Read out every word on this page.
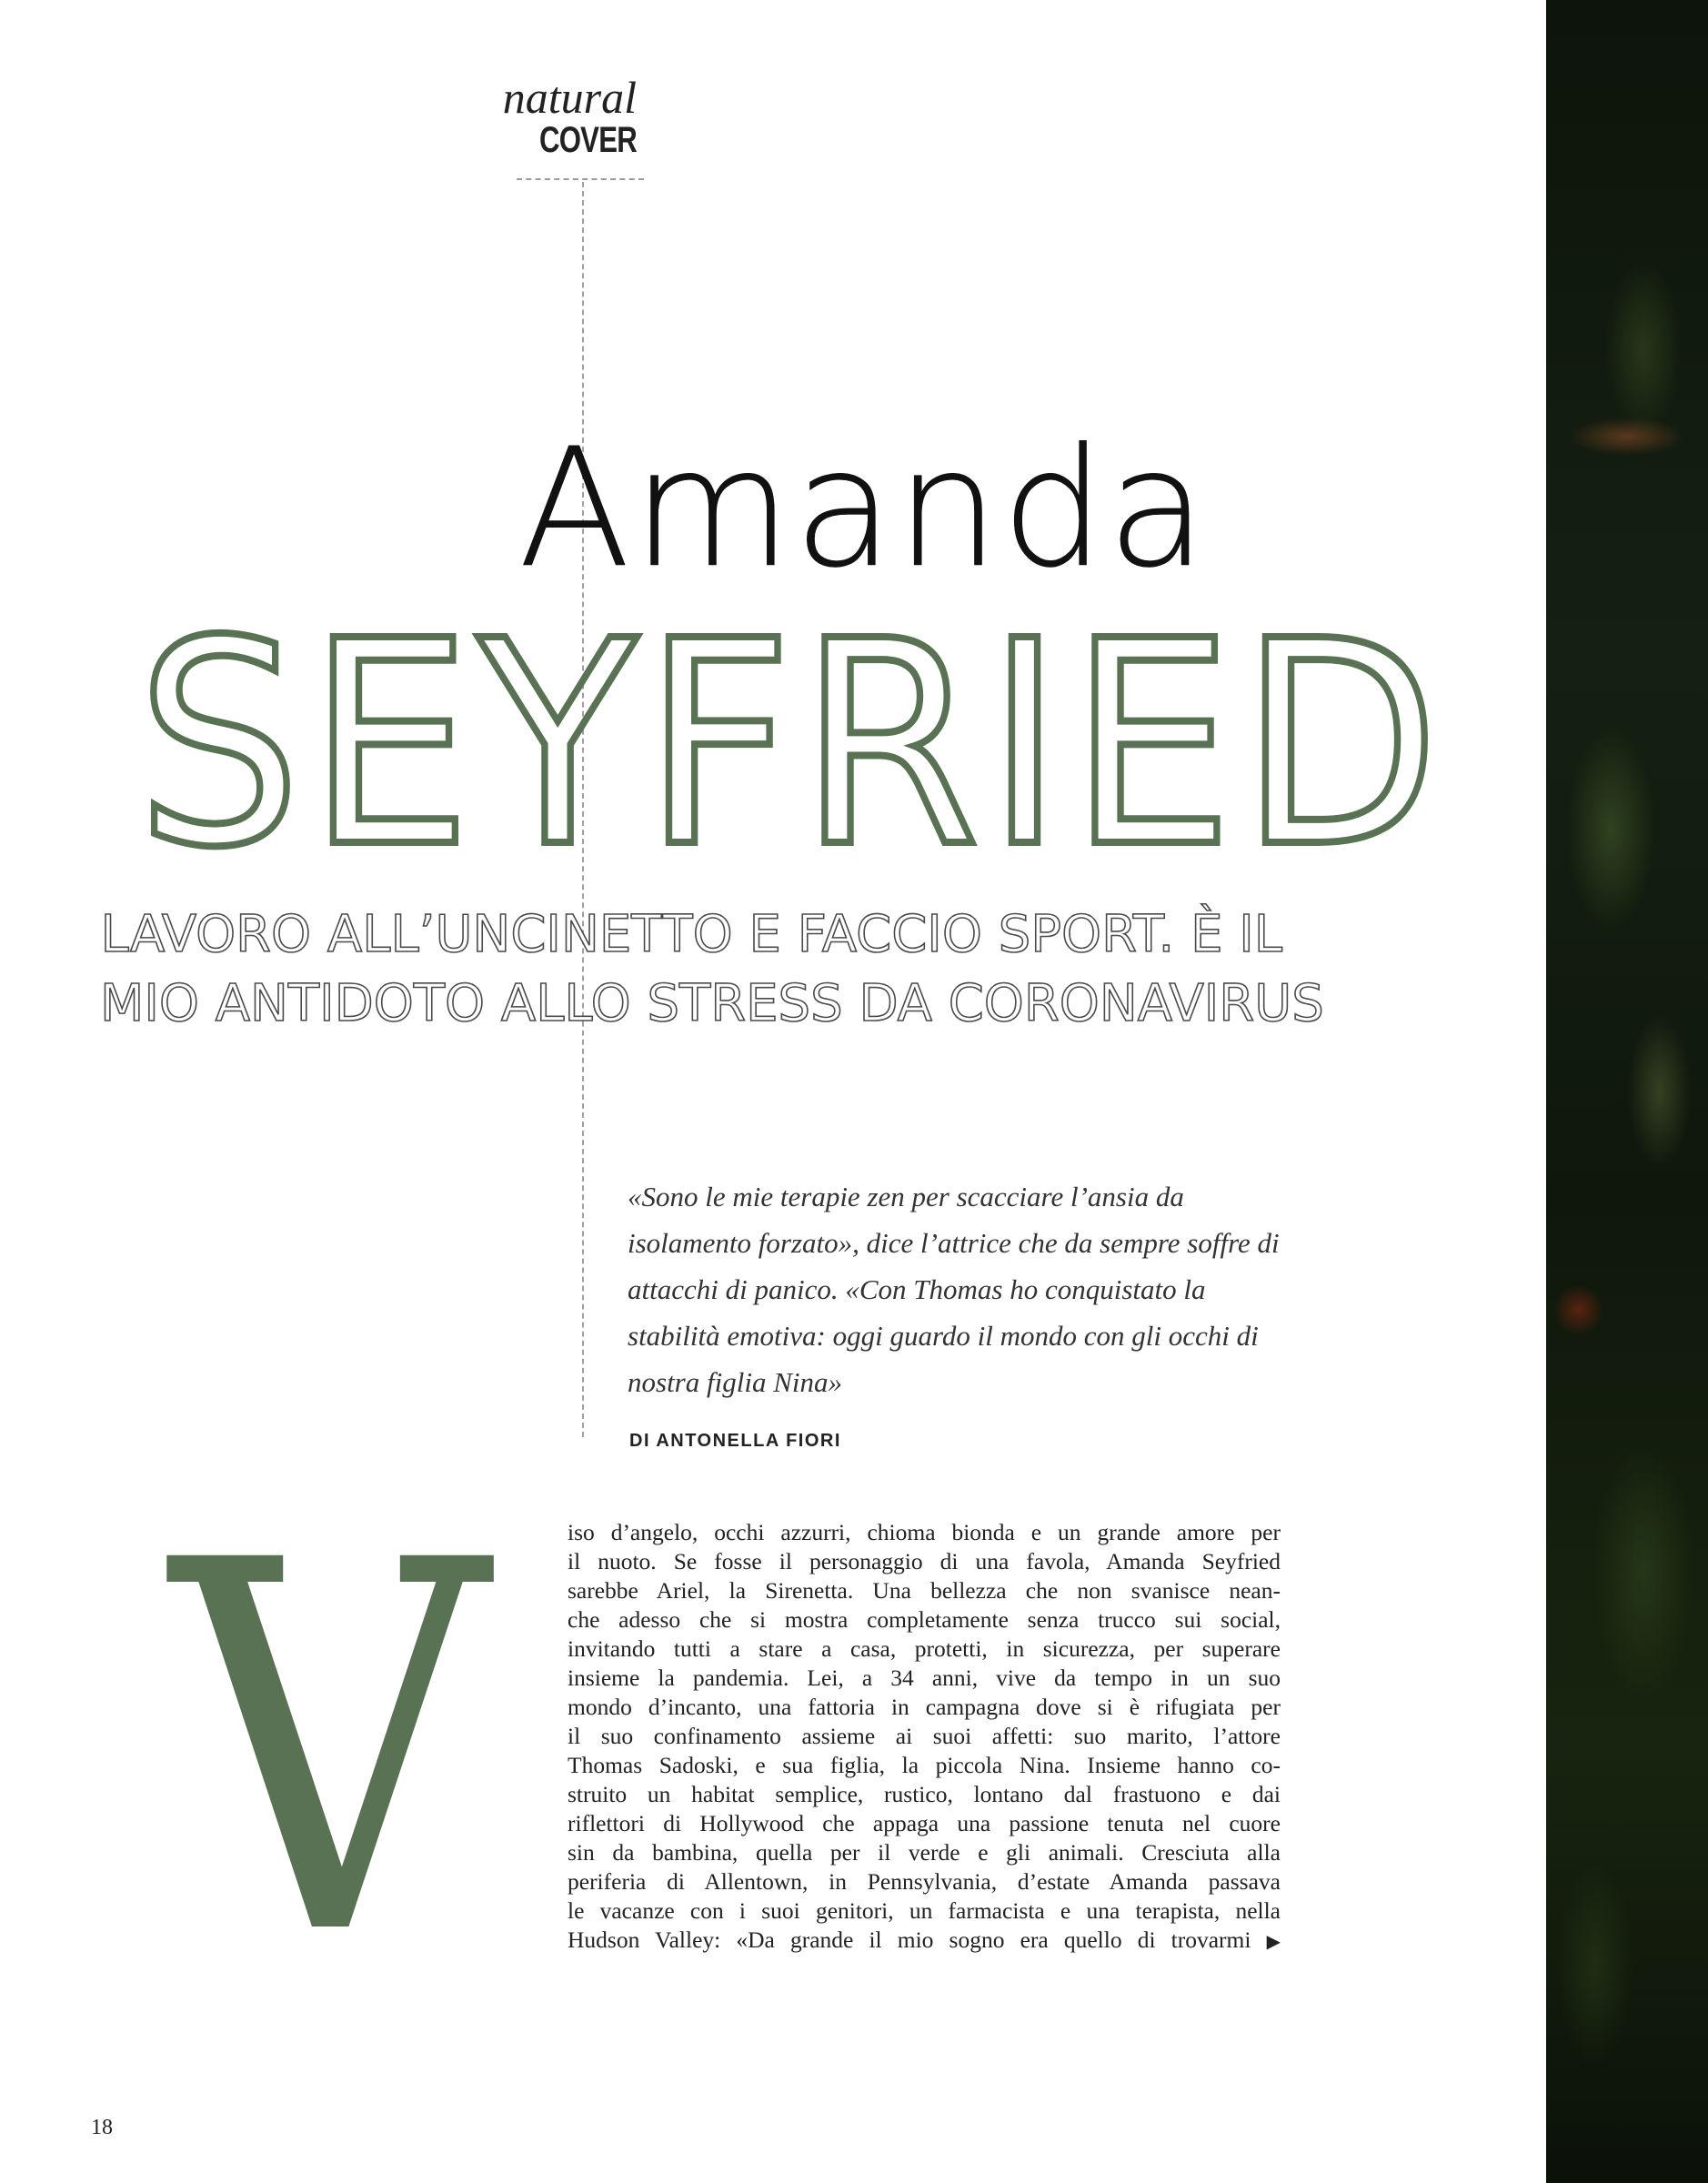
natural
COVER
Amanda
SEYFRIED
LAVORO ALL’UNCINETTO E FACCIO SPORT. È IL
MIO ANTIDOTO ALLO STRESS DA CORONAVIRUS
«Sono le mie terapie zen per scacciare l’ansia da isolamento forzato», dice l’attrice che da sempre soffre di attacchi di panico. «Con Thomas ho conquistato la stabilità emotiva: oggi guardo il mondo con gli occhi di nostra figlia Nina»
DI ANTONELLA FIORI
V	iso d’angelo, occhi azzurri, chioma bionda e un grande amore per
il nuoto. Se fosse il personaggio di una favola, Amanda Seyfried
sarebbe Ariel, la Sirenetta. Una bellezza che non svanisce nean-
che adesso che si mostra completamente senza trucco sui social,
invitando tutti a stare a casa, protetti, in sicurezza, per superare
insieme la pandemia. Lei, a 34 anni, vive da tempo in un suo
mondo d’incanto, una fattoria in campagna dove si è rifugiata per
il suo confinamento assieme ai suoi affetti: suo marito, l’attore
Thomas Sadoski, e sua figlia, la piccola Nina. Insieme hanno co-
struito un habitat semplice, rustico, lontano dal frastuono e dai
riflettori di Hollywood che appaga una passione tenuta nel cuore
sin da bambina, quella per il verde e gli animali. Cresciuta alla
periferia di Allentown, in Pennsylvania, d’estate Amanda passava
le vacanze con i suoi genitori, un farmacista e una terapista, nella
Hudson Valley: «Da grande il mio sogno era quello di trovarmi ▶
18
